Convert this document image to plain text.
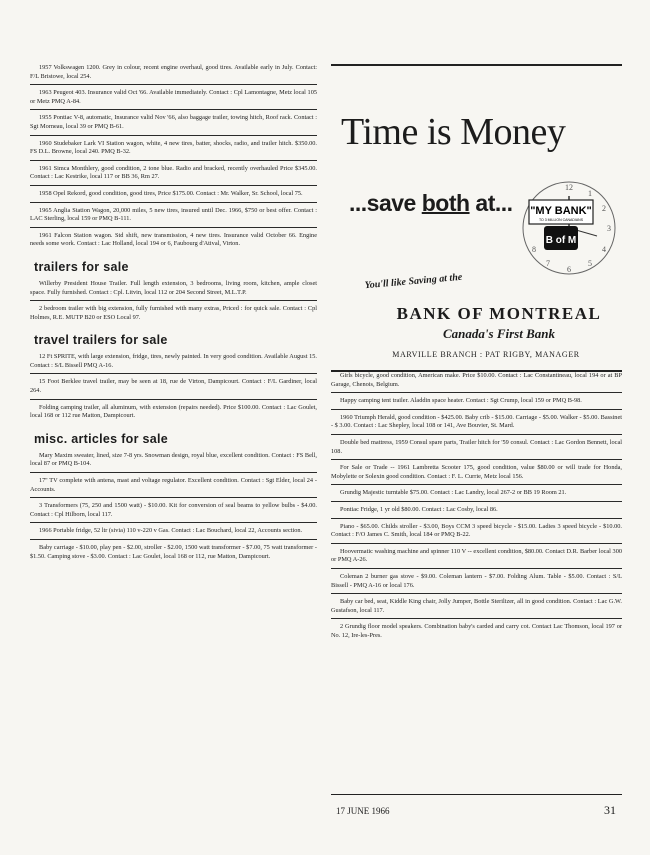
1957 Volkswagen 1200. Grey in colour, recent engine overhaul, good tires. Available early in July. Contact: F/L Bristowe, local 254.
1963 Peugeot 403. Insurance valid Oct '66. Available immediately. Contact : Cpl Lamontagne, Metz local 105 or Metz PMQ A-84.
1955 Pontiac V-8, automatic, Insurance valid Nov '66, also baggage trailer, towing hitch, Roof rack. Contact : Sgt Morneau, local 39 or PMQ B-61.
1960 Studebaker Lark VI Station wagon, white, 4 new tires, batter, shocks, radio, and trailer hitch. $350.00. FS D.L. Browne, local 240. PMQ B-32.
1961 Simca Monthlery, good condition, 2 tone blue. Radio and bracked, recently overhauled Price $345.00. Contact : Lac Kestrike, local 117 or BB 36, Rm 27.
1958 Opel Rekord, good condition, good tires, Price $175.00. Contact : Mr. Walker, Sr. School, local 75.
1965 Anglia Station Wagon, 20,000 miles, 5 new tires, insured until Dec. 1966, $750 or best offer. Contact : LAC Sterling, local 159 or PMQ B-111.
1961 Falcon Station wagon. Std shift, new transmission, 4 new tires. Insurance valid October 66. Engine needs some work. Contact : Lac Holland, local 194 or 6, Faubourg d'Atival, Virton.
trailers for sale
Willerby President House Trailer. Full length extension, 3 bedrooms, living room, kitchen, ample closet space. Fully furnished. Contact : Cpl. Litvin, local 112 or 204 Second Street, M.L.T.P.
2 bedroom trailer with big extension, fully furnished with many extras, Priced : for quick sale. Contact : Cpl Holmes, R.E. MUTP B20 or ESO Local 97.
travel trailers for sale
12 Ft SPRITE, with large extension, fridge, tires, newly painted. In very good condition. Available August 15. Contact : S/L Bissell PMQ A-16.
15 Foot Berklee travel trailer, may be seen at 18, rue de Virton, Dampicourt. Contact : F/L Gardiner, local 264.
Folding camping trailer, all aluminum, with extension (repairs needed). Price $100.00. Contact : Lac Goulet, local 168 or 112 rue Matton, Dampicourt.
misc. articles for sale
Mary Maxim sweater, lined, size 7-8 yrs. Snowman design, royal blue, excellent condition. Contact : FS Bell, local 87 or PMQ B-104.
17'' TV complete with antena, mast and voltage regulator. Excellent condition. Contact : Sgt Elder, local 24 - Accounts.
3 Transformers (75, 250 and 1500 watt) - $10.00. Kit for conversion of seal beams to yellow bulbs - $4.00. Contact : Cpl Hilborn, local 117.
1966 Portable fridge, 52 ltr (sivia) 110 v-220 v Gas. Contact : Lac Bouchard, local 22, Accounts section.
Baby carriage - $10.00, play pen - $2.00, stroller - $2.00, 1500 watt transformer - $7.00, 75 watt transformer - $1.50. Camping stove - $3.00. Contact : Lac Goulet, local 168 or 112, rue Matton, Dampicourt.
Time is Money
...save both at...
12
1
2
3
4
5
6
7
8
"MY BANK"
TO 3 MILLION CANADIANS
B of M
You'll like Saving at the
BANK OF MONTREAL
Canada's First Bank
MARVILLE BRANCH : PAT RIGBY, MANAGER
Girls bicycle, good condition, American make. Price $10.00. Contact : Lac Constantineau, local 194 or at BP Garage, Chenois, Belgium.
Happy camping tent trailer. Aladdin space heater. Contact : Sgt Crump, local 159 or PMQ B-98.
1960 Triumph Herald, good condition - $425.00. Baby crib - $15.00. Carriage - $5.00. Walker - $5.00. Bassinet - $ 3.00. Contact : Lac Shepley, local 108 or 141, Ave Bouvier, St. Mard.
Double bed mattress, 1959 Consul spare parts, Trailer hitch for '59 consul. Contact : Lac Gordon Bennett, local 108.
For Sale or Trade -- 1961 Lambretta Scooter 175, good condition, value $80.00 or will trade for Honda, Mobylette or Solexin good condition. Contact : F. L. Currie, Metz local 156.
Grundig Majestic turntable $75.00. Contact : Lac Landry, local 267-2 or BB 19 Room 21.
Pontiac Fridge, 1 yr old $80.00. Contact : Lac Cosby, local 86.
Piano - $65.00. Childs stroller - $3.00, Boys CCM 3 speed bicycle - $15.00. Ladies 3 speed bicycle - $10.00. Contact : F/O James C. Smith, local 184 or PMQ B-22.
Hoovermatic washing machine and spinner 110 V -- excellent condition, $80.00. Contact D.R. Barber local 300 or PMQ A-26.
Coleman 2 burner gas stove - $9.00. Coleman lantern - $7.00. Folding Alum. Table - $5.00. Contact : S/L Bissell - PMQ A-16 or local 176.
Baby car bed, seat, Kiddle King chair, Jolly Jumper, Bottle Sterilizer, all in good condition. Contact : Lac G.W. Gustafson, local 117.
2 Grundig floor model speakers. Combination baby's carded and carry cot. Contact Lac Thomson, local 197 or No. 12, Ire-les-Pres.
17 JUNE 1966	31
